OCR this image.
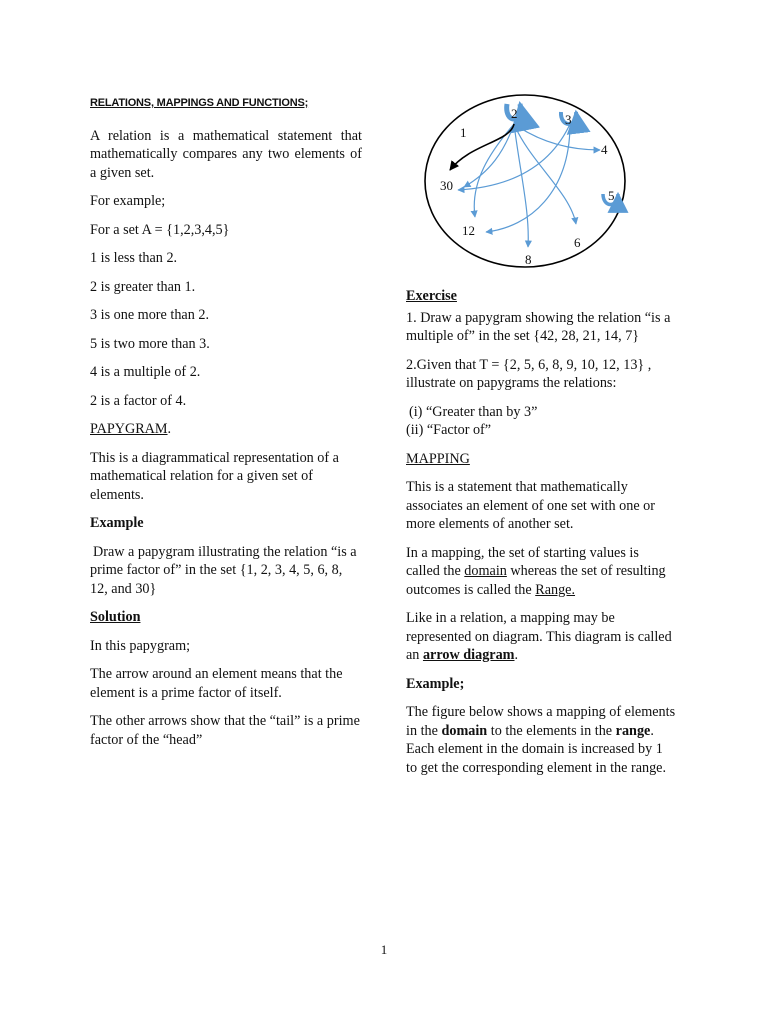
RELATIONS, MAPPINGS AND FUNCTIONS;

A relation is a mathematical statement that mathematically compares any two elements of a given set.

For example;

For a set A = {1,2,3,4,5}

1 is less than 2.

2 is greater than 1.

3 is one more than 2.

5 is two more than 3.

4 is a multiple of 2.

2 is a factor of 4.

PAPYGRAM.

This is a diagrammatical representation of a mathematical relation for a given set of elements.

Example

Draw a papygram illustrating the relation “is a prime factor of” in the set {1, 2, 3, 4, 5, 6, 8, 12, and 30}

Solution

In this papygram;

The arrow around an element means that the element is a prime factor of itself.

The other arrows show that the “tail” is a prime factor of the “head”

1
2	3
4
5
30
12
6
8

Exercise

1. Draw a papygram showing the relation “is a multiple of” in the set {42, 28, 21, 14, 7}

2.Given that T = {2, 5, 6, 8, 9, 10, 12, 13} , illustrate on papygrams the relations:

(i) “Greater than by 3”

(ii) “Factor of”

MAPPING

This is a statement that mathematically associates an element of one set with one or more elements of another set.

In a mapping, the set of starting values is called the domain whereas the set of resulting outcomes is called the Range.

Like in a relation, a mapping may be represented on diagram. This diagram is called an arrow diagram.

Example;

The figure below shows a mapping of elements in the domain to the elements in the range. Each element in the domain is increased by 1 to get the corresponding element in the range.

1
